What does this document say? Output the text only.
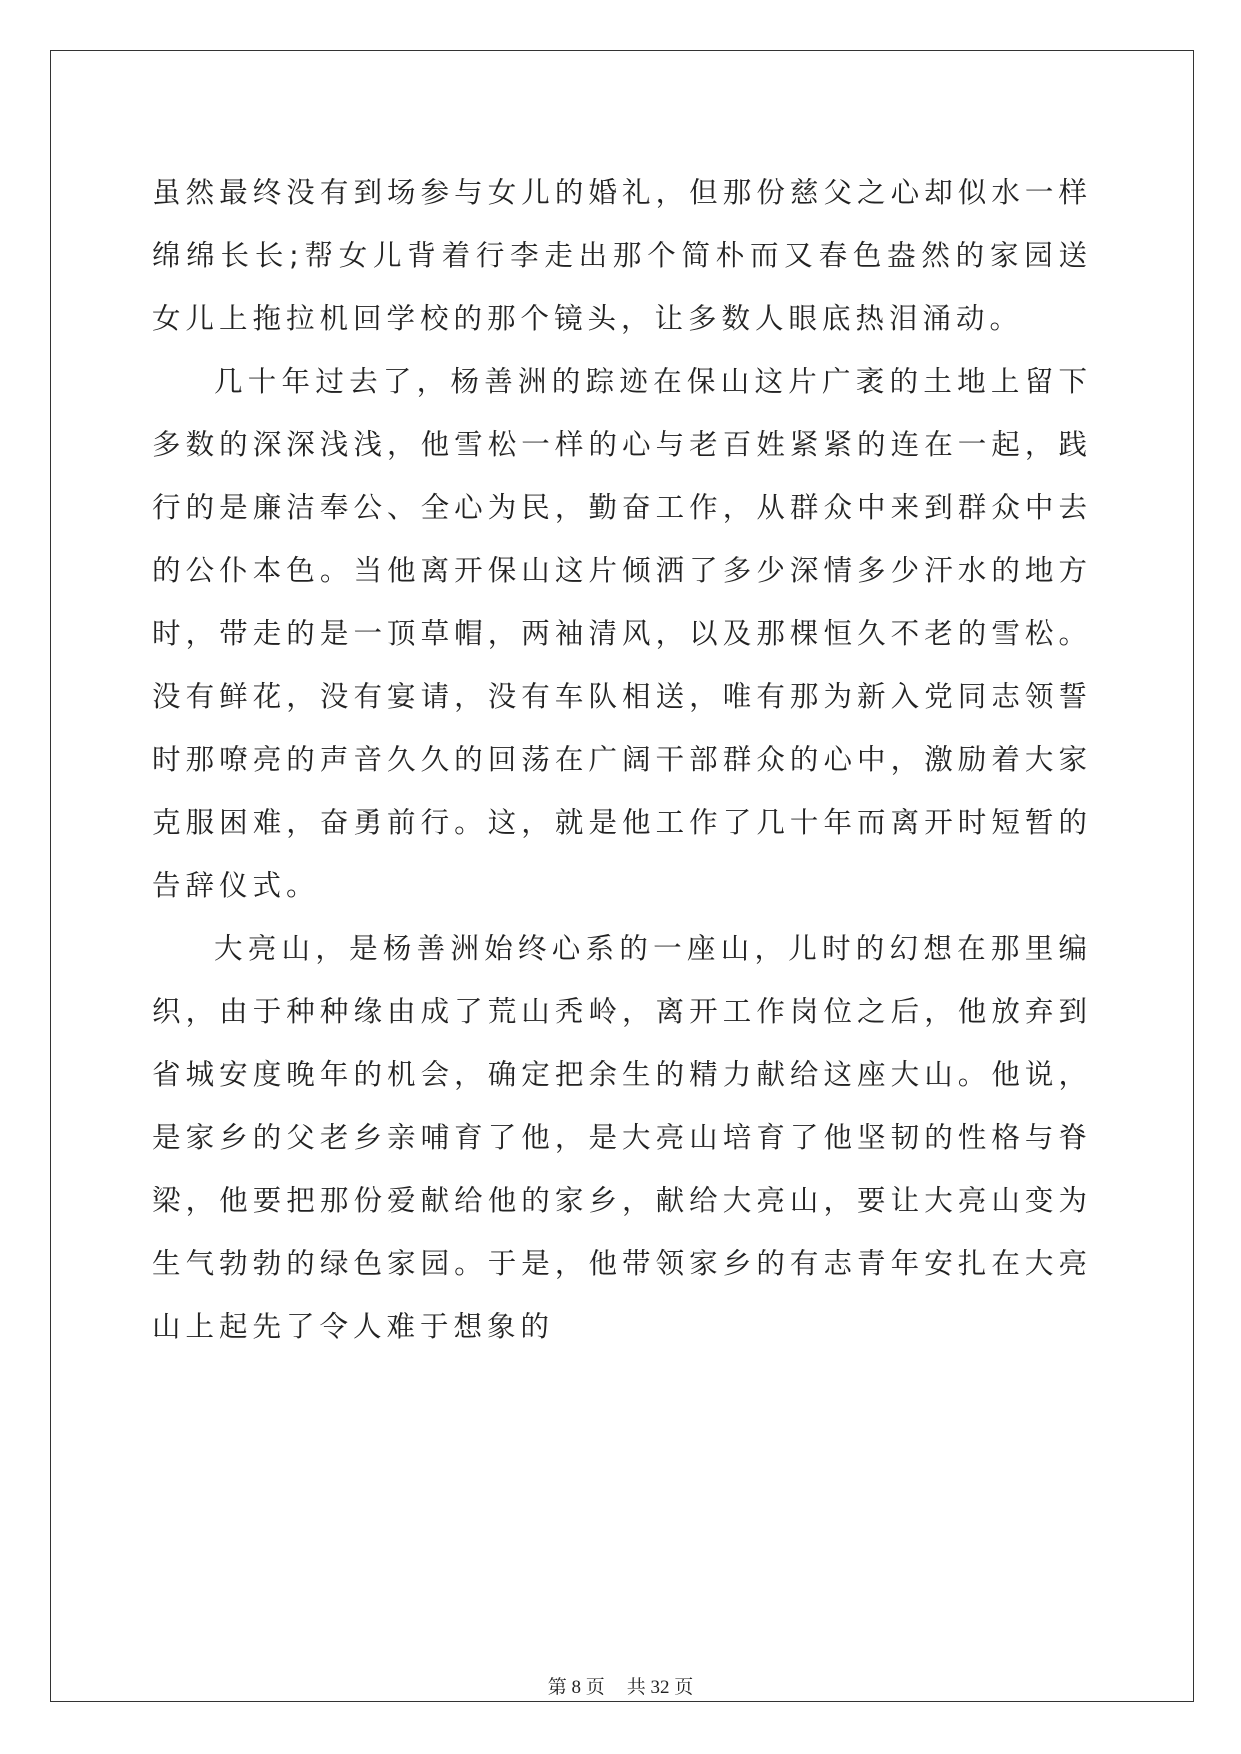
虽然最终没有到场参与女儿的婚礼，但那份慈父之心却似水一样绵绵长长;帮女儿背着行李走出那个简朴而又春色盎然的家园送女儿上拖拉机回学校的那个镜头，让多数人眼底热泪涌动。

几十年过去了，杨善洲的踪迹在保山这片广袤的土地上留下多数的深深浅浅，他雪松一样的心与老百姓紧紧的连在一起，践行的是廉洁奉公、全心为民，勤奋工作，从群众中来到群众中去的公仆本色。当他离开保山这片倾洒了多少深情多少汗水的地方时，带走的是一顶草帽，两袖清风，以及那棵恒久不老的雪松。没有鲜花，没有宴请，没有车队相送，唯有那为新入党同志领誓时那嘹亮的声音久久的回荡在广阔干部群众的心中，激励着大家克服困难，奋勇前行。这，就是他工作了几十年而离开时短暂的告辞仪式。

大亮山，是杨善洲始终心系的一座山，儿时的幻想在那里编织，由于种种缘由成了荒山秃岭，离开工作岗位之后，他放弃到省城安度晚年的机会，确定把余生的精力献给这座大山。他说，是家乡的父老乡亲哺育了他，是大亮山培育了他坚韧的性格与脊梁，他要把那份爱献给他的家乡，献给大亮山，要让大亮山变为生气勃勃的绿色家园。于是，他带领家乡的有志青年安扎在大亮山上起先了令人难于想象的

第 8 页 共 32 页
